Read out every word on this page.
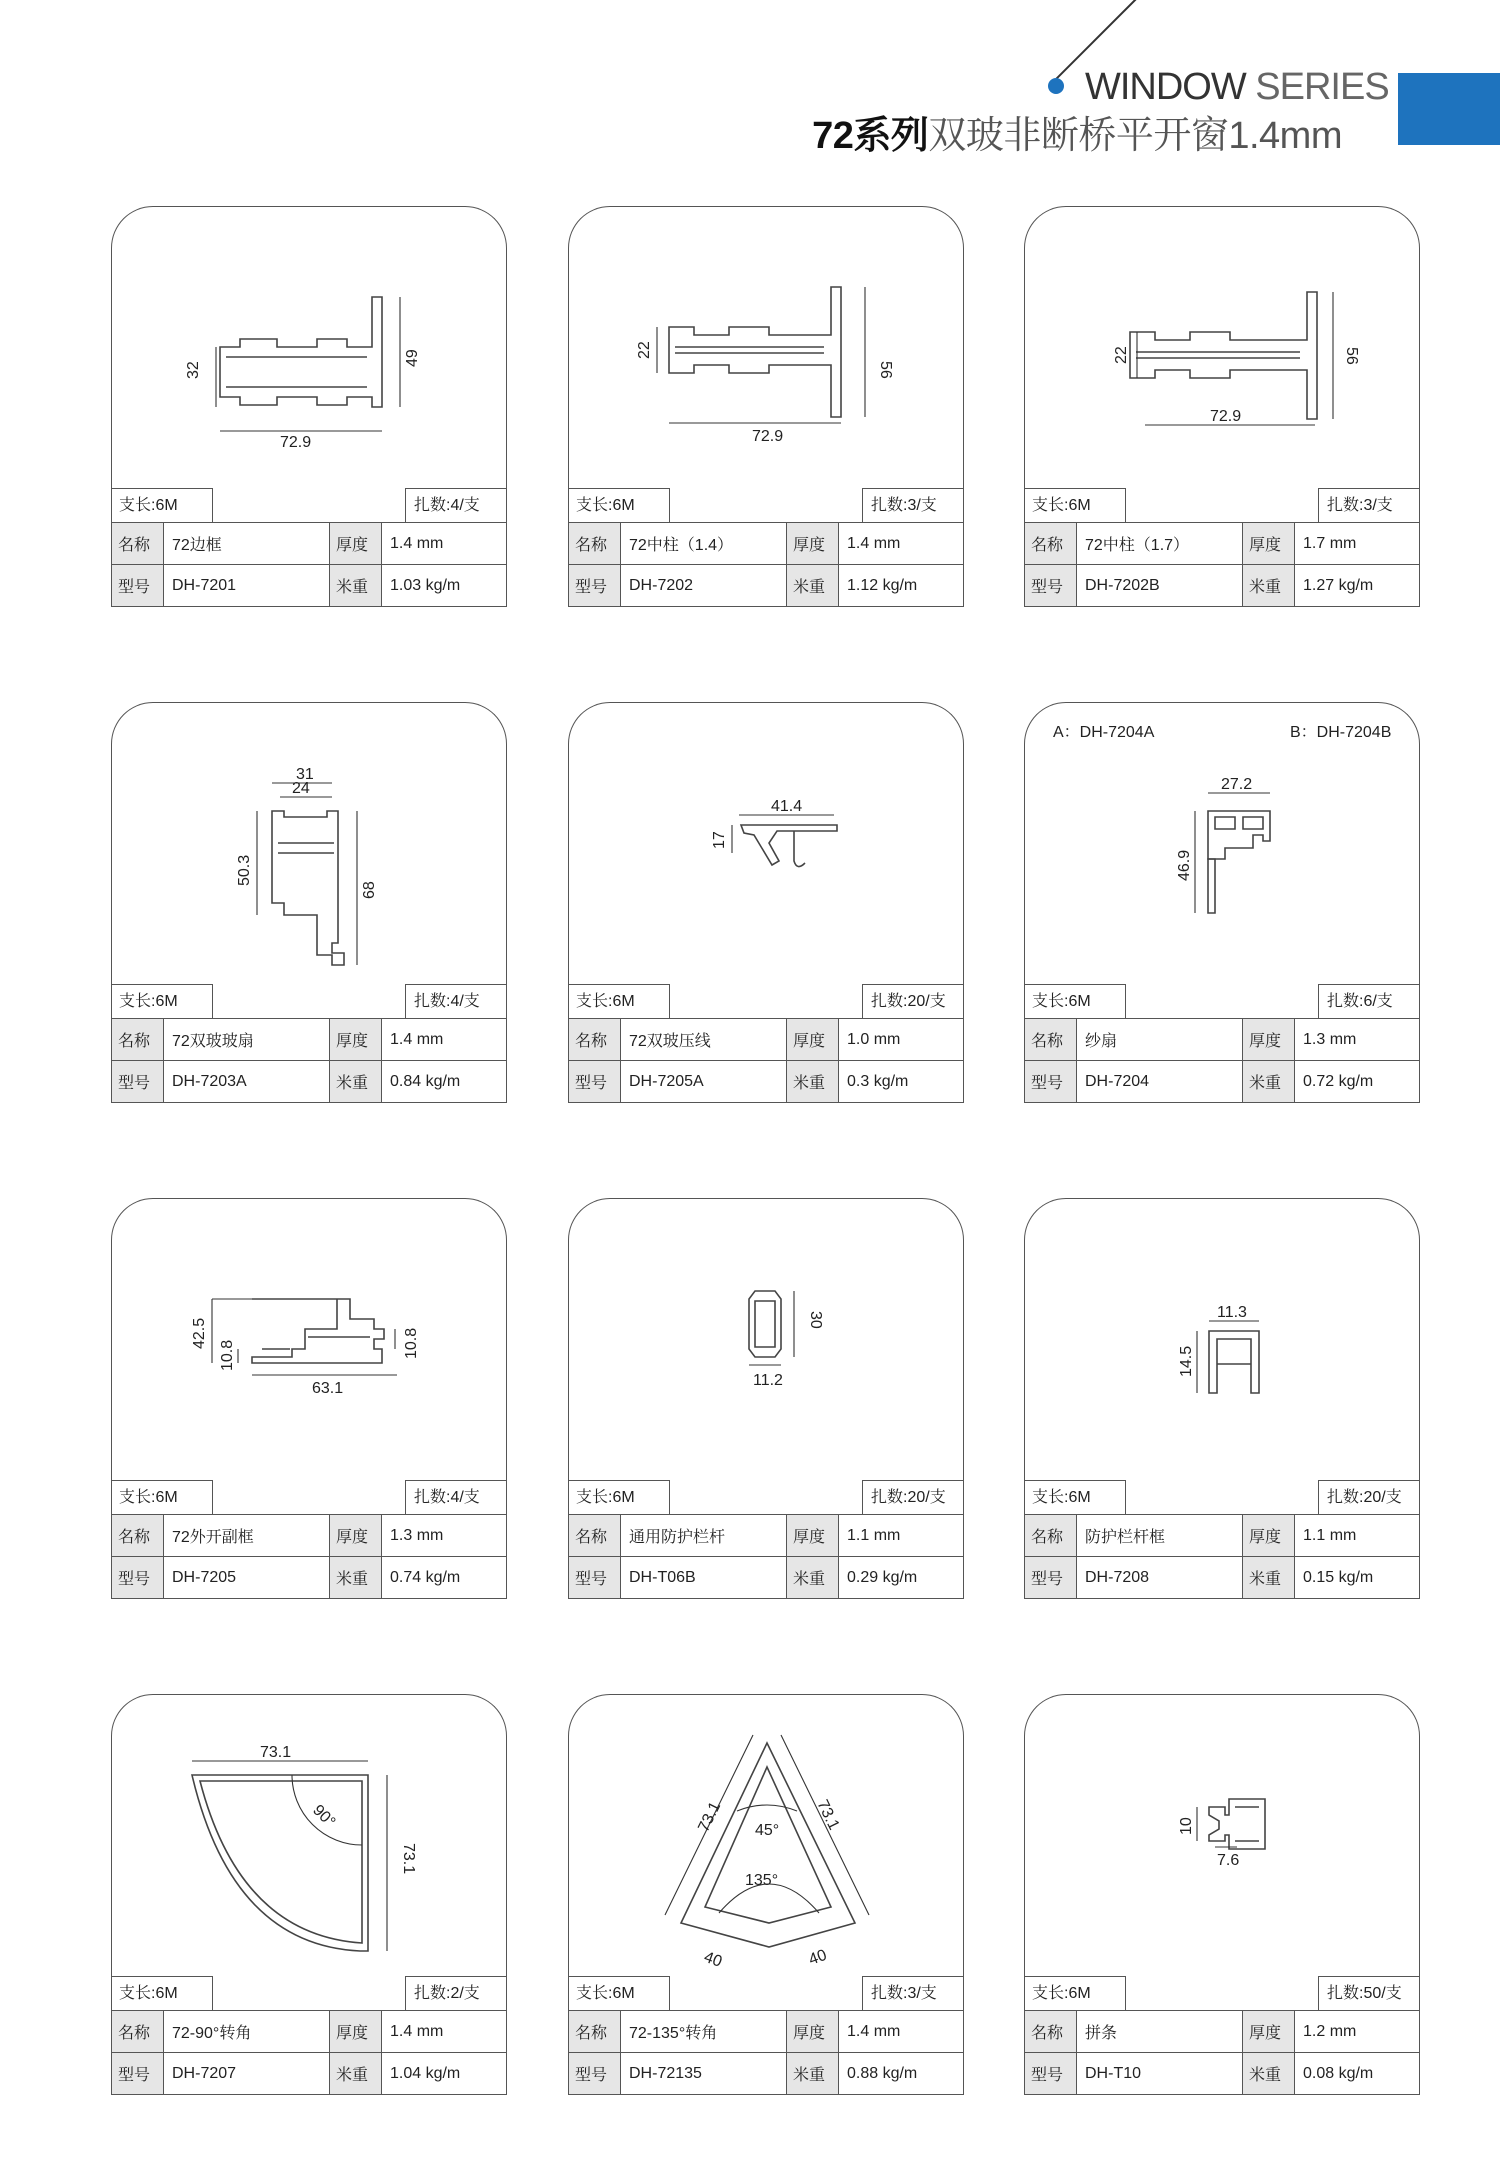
WINDOW SERIES
72系列双玻非断桥平开窗1.4mm
32
49
72.9
支长:6M	扎数:4/支
名称	72边框	厚度	1.4 mm
型号	DH-7201	米重	1.03 kg/m
22
56
72.9
支长:6M	扎数:3/支
名称	72中柱（1.4）	厚度	1.4 mm
型号	DH-7202	米重	1.12 kg/m
22	56
72.9
支长:6M	扎数:3/支
名称	72中柱（1.7）	厚度	1.7 mm
型号	DH-7202B	米重	1.27 kg/m
31
24
50.3
68
支长:6M	扎数:4/支
名称	72双玻玻扇	厚度	1.4 mm
型号	DH-7203A	米重	0.84 kg/m
41.4
17
支长:6M	扎数:20/支
名称	72双玻压线	厚度	1.0 mm
型号	DH-7205A	米重	0.3 kg/m
A：DH-7204A	B：DH-7204B
27.2
46.9
支长:6M	扎数:6/支
名称	纱扇	厚度	1.3 mm
型号	DH-7204	米重	0.72 kg/m
42.5
10.8	10.8
63.1
支长:6M	扎数:4/支
名称	72外开副框	厚度	1.3 mm
型号	DH-7205	米重	0.74 kg/m
30
11.2
支长:6M	扎数:20/支
名称	通用防护栏杆	厚度	1.1 mm
型号	DH-T06B	米重	0.29 kg/m
11.3
14.5
支长:6M	扎数:20/支
名称	防护栏杆框	厚度	1.1 mm
型号	DH-7208	米重	0.15 kg/m
73.1
73.1
90°
支长:6M	扎数:2/支
名称	72-90°转角	厚度	1.4 mm
型号	DH-7207	米重	1.04 kg/m
45°
135°
73.1	73.1
40	40
支长:6M	扎数:3/支
名称	72-135°转角	厚度	1.4 mm
型号	DH-72135	米重	0.88 kg/m
10
7.6
支长:6M	扎数:50/支
名称	拼条	厚度	1.2 mm
型号	DH-T10	米重	0.08 kg/m
